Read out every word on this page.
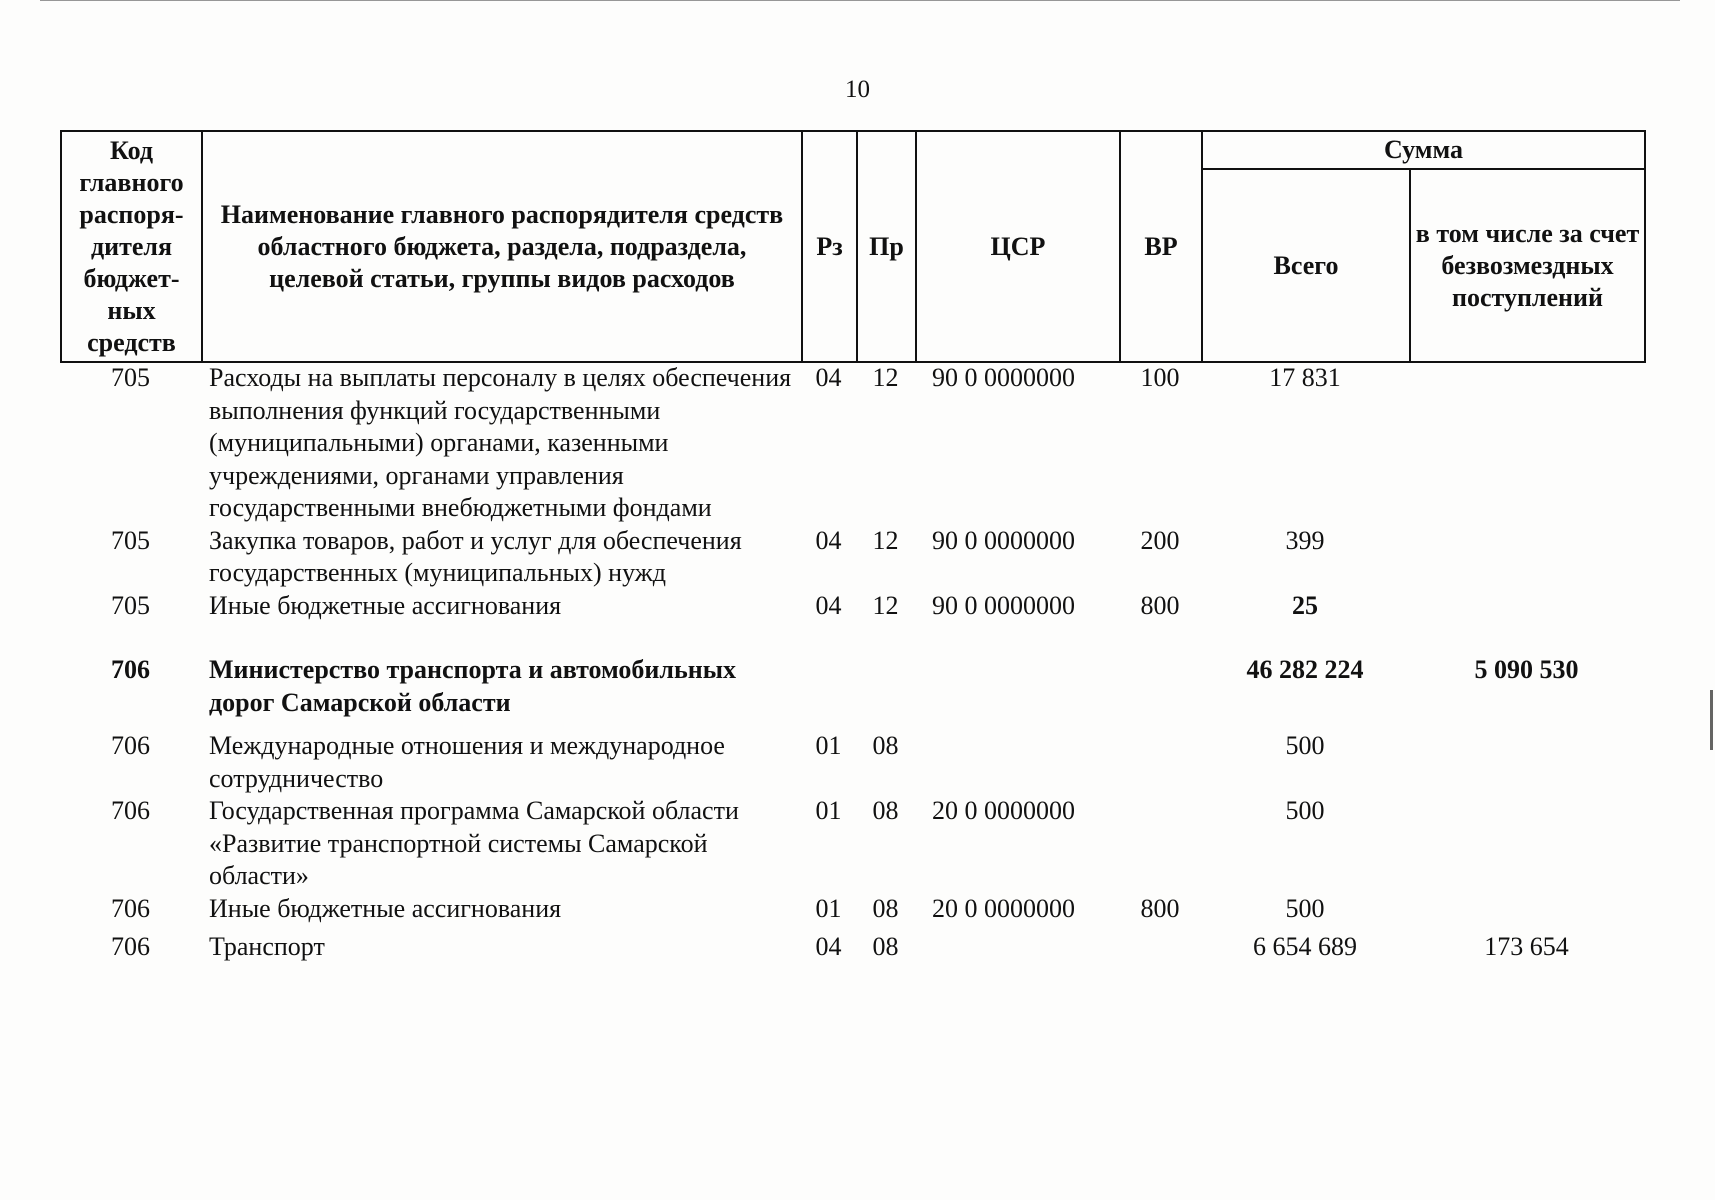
10
Код главного распоря-дителя бюджет-ных средств	Наименование главного распорядителя средств областного бюджета, раздела, подраздела, целевой статьи, группы видов расходов	Рз	Пр	ЦСР	ВР	Сумма	
						Всего	в том числе за счет безвозмездных поступлений
705	Расходы на выплаты персоналу в целях обеспечения выполнения функций государственными (муниципальными) органами, казенными учреждениями, органами управления государственными внебюджетными фондами	04	12	90 0 0000000	100	17 831	
705	Закупка товаров, работ и услуг для обеспечения государственных (муниципальных) нужд	04	12	90 0 0000000	200	399	
705	Иные бюджетные ассигнования	04	12	90 0 0000000	800	25	

706	Министерство транспорта и автомобильных дорог Самарской области					46 282 224	5 090 530

706	Международные отношения и международное сотрудничество	01	08			500	
706	Государственная программа Самарской области «Развитие транспортной системы Самарской области»	01	08	20 0 0000000		500	
706	Иные бюджетные ассигнования	01	08	20 0 0000000	800	500	

706	Транспорт	04	08			6 654 689	173 654
